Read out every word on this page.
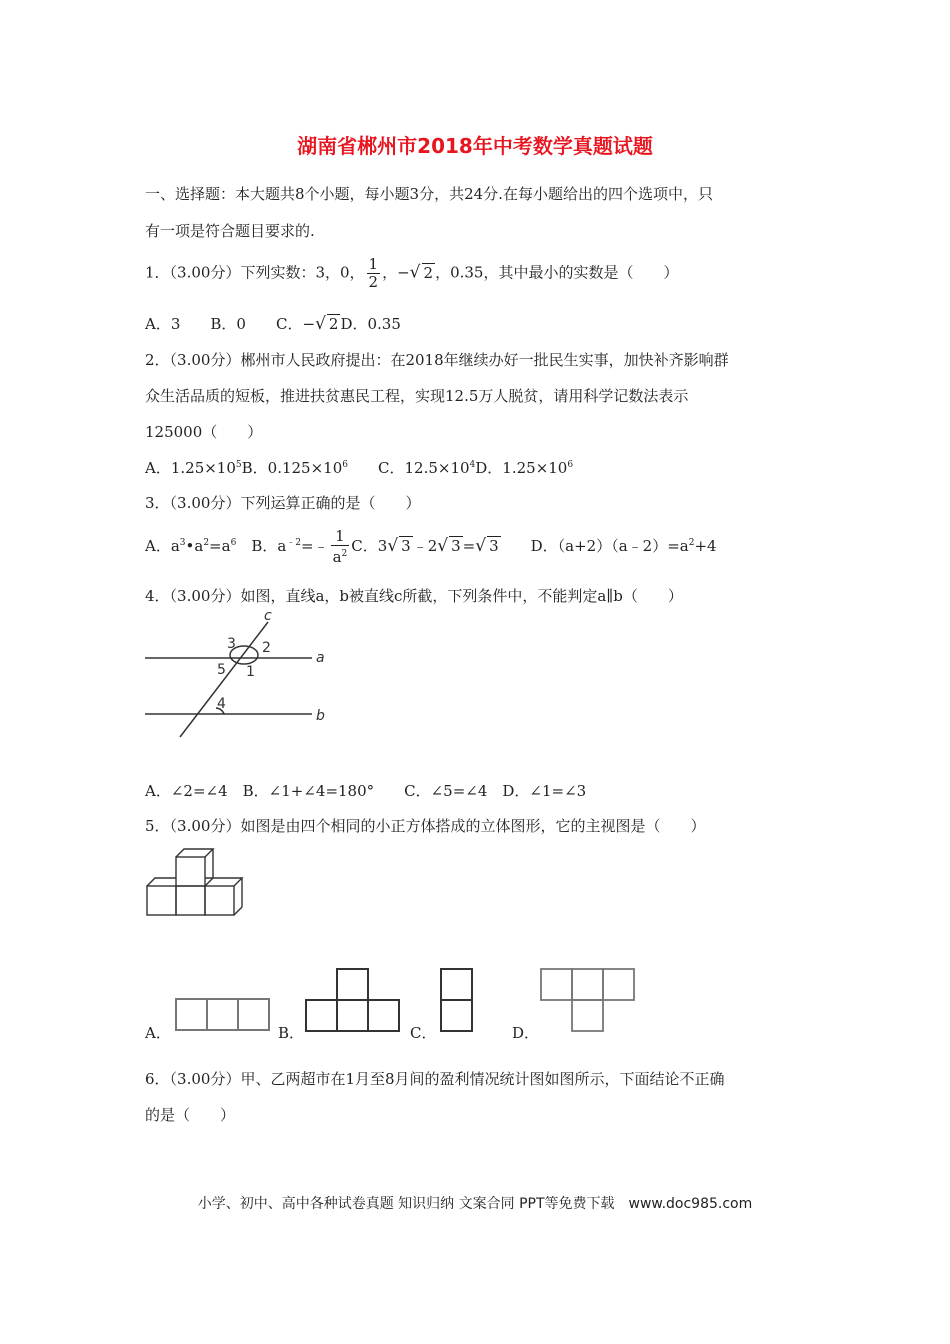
湖南省郴州市2018年中考数学真题试题
一、选择题：本大题共8个小题，每小题3分，共24分.在每小题给出的四个选项中，只
有一项是符合题目要求的.
1．（3.00分）下列实数：3，0， $\frac{1}{2}$ ，−√ 2 ，0.35，其中最小的实数是（　　）
A．3　　 B．0　　 C．−√ 2 D．0.35
2．（3.00分）郴州市人民政府提出：在2018年继续办好一批民生实事，加快补齐影响群
众生活品质的短板，推进扶贫惠民工程，实现12.5万人脱贫，请用科学记数法表示
125000（　　）
A．$1.25\times 10^5B$．$0.125\times 10^6$　　 C．$12.5\times 10^4D$．$1.25\times 10^6$
3．（3.00分）下列运算正确的是（　　）
A．$a^3•a^2=a^6$　 B．$a^{﹣2}=﹣ \frac{1}{a^2}$ C．3√ 3 ﹣2√ 3 =√ 3　　 D．$(a+2)(a﹣2)=a^2+4$
4．（3.00分）如图，直线a，b被直线c所截，下列条件中，不能判定a∥b（　　）
c
3 2
a
5 1
4
b
A．∠2=∠4　B．∠1+∠4=180°　　C．∠5=∠4　D．∠1=∠3
5．（3.00分）如图是由四个相同的小正方体搭成的立体图形，它的主视图是（　　）
A．	B．	C．	D．
6．（3.00分）甲、乙两超市在1月至8月间的盈利情况统计图如图所示，下面结论不正确
的是（　　）
小学、初中、高中各种试卷真题 知识归纳 文案合同 PPT等免费下载　www.doc985.com
